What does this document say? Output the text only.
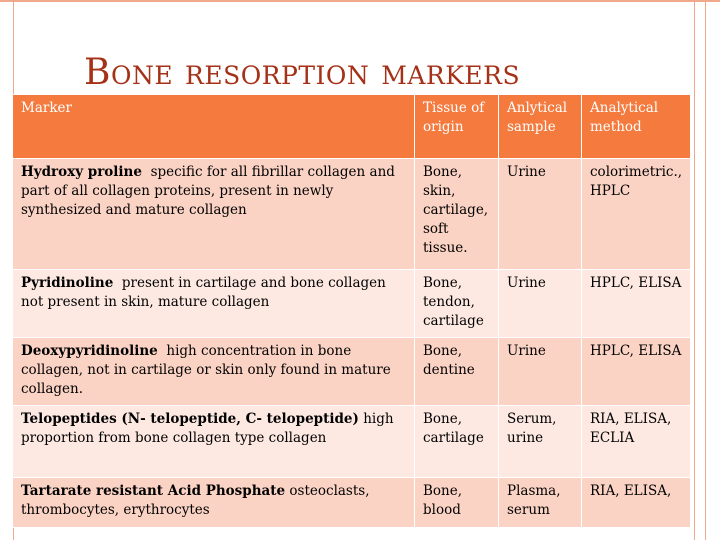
Bone resorption markers
Marker	Tissue of origin	Anlytical sample	Analytical method
Hydroxy proline specific for all fibrillar collagen and part of all collagen proteins, present in newly synthesized and mature collagen	Bone, skin, cartilage, soft tissue.	Urine	colorimetric., HPLC
Pyridinoline present in cartilage and bone collagen not present in skin, mature collagen	Bone, tendon, cartilage	Urine	HPLC, ELISA
Deoxypyridinoline high concentration in bone collagen, not in cartilage or skin only found in mature collagen.	Bone, dentine	Urine	HPLC, ELISA
Telopeptides (N- telopeptide, C- telopeptide) high proportion from bone collagen type collagen	Bone, cartilage	Serum, urine	RIA, ELISA, ECLIA
Tartarate resistant Acid Phosphate osteoclasts, thrombocytes, erythrocytes	Bone, blood	Plasma, serum	RIA, ELISA,
